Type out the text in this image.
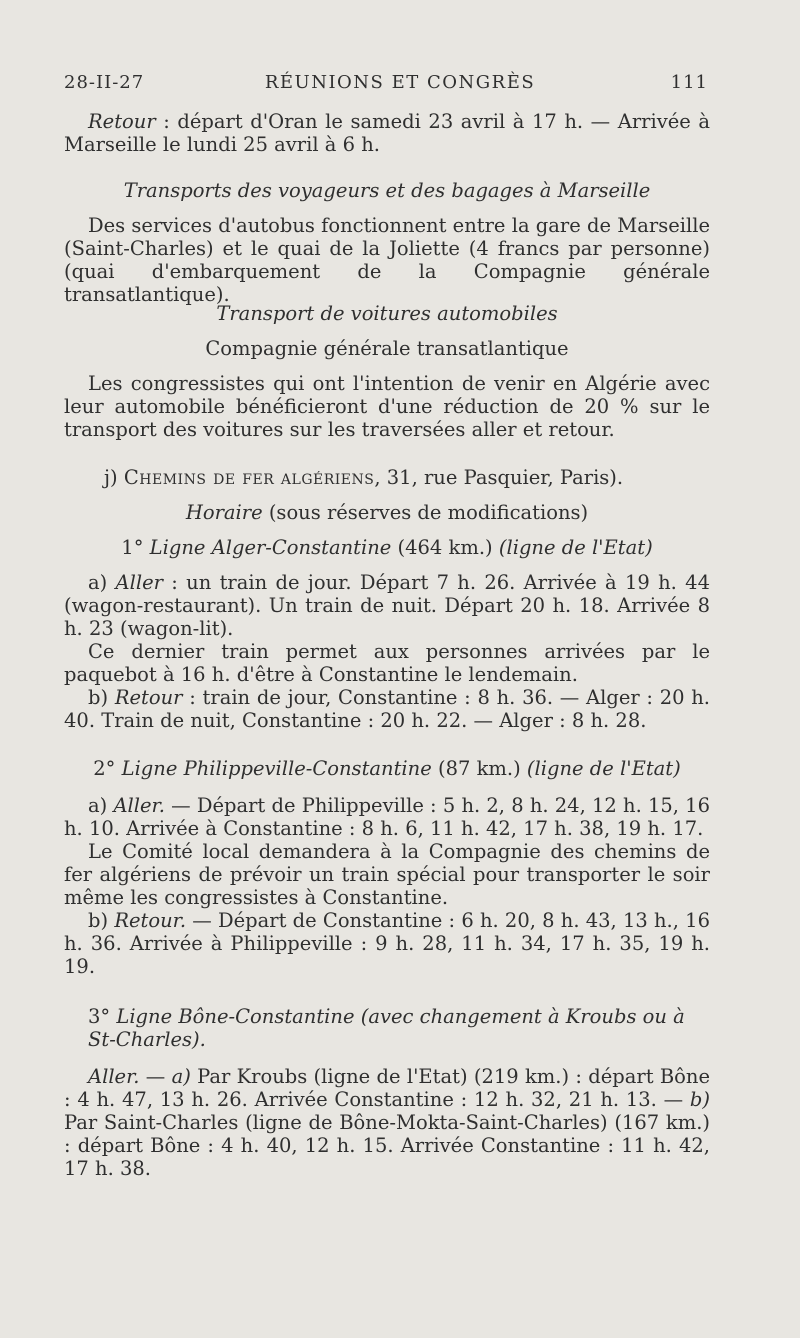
28-II-27	RÉUNIONS ET CONGRÈS	111

Retour : départ d'Oran le samedi 23 avril à 17 h. — Arrivée à Marseille le lundi 25 avril à 6 h.

Transports des voyageurs et des bagages à Marseille

Des services d'autobus fonctionnent entre la gare de Marseille (Saint-Charles) et le quai de la Joliette (4 francs par personne) (quai d'embarquement de la Compagnie générale transatlantique).

Transport de voitures automobiles
Compagnie générale transatlantique

Les congressistes qui ont l'intention de venir en Algérie avec leur automobile bénéficieront d'une réduction de 20 % sur le transport des voitures sur les traversées aller et retour.

j) Chemins de fer algériens, 31, rue Pasquier, Paris).

Horaire (sous réserves de modifications)
1° Ligne Alger-Constantine (464 km.) (ligne de l'Etat)

a) Aller : un train de jour. Départ 7 h. 26. Arrivée à 19 h. 44 (wagon-restaurant). Un train de nuit. Départ 20 h. 18. Arrivée 8 h. 23 (wagon-lit).

Ce dernier train permet aux personnes arrivées par le paquebot à 16 h. d'être à Constantine le lendemain.

b) Retour : train de jour, Constantine : 8 h. 36. — Alger : 20 h. 40. Train de nuit, Constantine : 20 h. 22. — Alger : 8 h. 28.

2° Ligne Philippeville-Constantine (87 km.) (ligne de l'Etat)

a) Aller. — Départ de Philippeville : 5 h. 2, 8 h. 24, 12 h. 15, 16 h. 10. Arrivée à Constantine : 8 h. 6, 11 h. 42, 17 h. 38, 19 h. 17.

Le Comité local demandera à la Compagnie des chemins de fer algériens de prévoir un train spécial pour transporter le soir même les congressistes à Constantine.

b) Retour. — Départ de Constantine : 6 h. 20, 8 h. 43, 13 h., 16 h. 36. Arrivée à Philippeville : 9 h. 28, 11 h. 34, 17 h. 35, 19 h. 19.

3° Ligne Bône-Constantine (avec changement à Kroubs ou à St-Charles).

Aller. — a) Par Kroubs (ligne de l'Etat) (219 km.) : départ Bône : 4 h. 47, 13 h. 26. Arrivée Constantine : 12 h. 32, 21 h. 13. — b) Par Saint-Charles (ligne de Bône-Mokta-Saint-Charles) (167 km.) : départ Bône : 4 h. 40, 12 h. 15. Arrivée Constantine : 11 h. 42, 17 h. 38.
